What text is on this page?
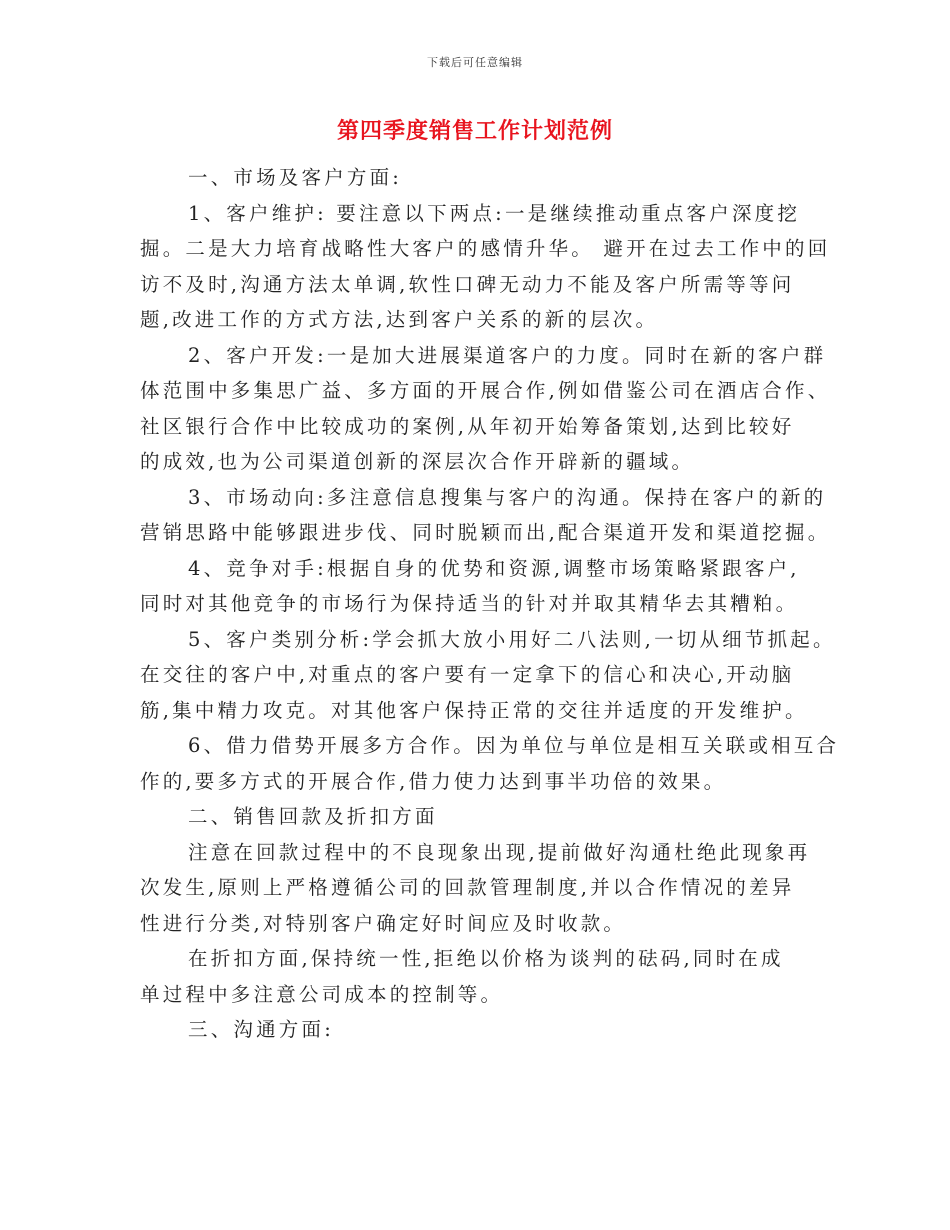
下载后可任意编辑
第四季度销售工作计划范例
一、市场及客户方面:
1、客户维护: 要注意以下两点:一是继续推动重点客户深度挖
掘。二是大力培育战略性大客户的感情升华。 避开在过去工作中的回
访不及时,沟通方法太单调,软性口碑无动力不能及客户所需等等问
题,改进工作的方式方法,达到客户关系的新的层次。
2、客户开发:一是加大进展渠道客户的力度。同时在新的客户群
体范围中多集思广益、多方面的开展合作,例如借鉴公司在酒店合作、
社区银行合作中比较成功的案例,从年初开始筹备策划,达到比较好
的成效,也为公司渠道创新的深层次合作开辟新的疆域。
3、市场动向:多注意信息搜集与客户的沟通。保持在客户的新的
营销思路中能够跟进步伐、同时脱颖而出,配合渠道开发和渠道挖掘。
4、竞争对手:根据自身的优势和资源,调整市场策略紧跟客户,
同时对其他竞争的市场行为保持适当的针对并取其精华去其糟粕。
5、客户类别分析:学会抓大放小用好二八法则,一切从细节抓起。
在交往的客户中,对重点的客户要有一定拿下的信心和决心,开动脑
筋,集中精力攻克。对其他客户保持正常的交往并适度的开发维护。
6、借力借势开展多方合作。因为单位与单位是相互关联或相互合
作的,要多方式的开展合作,借力使力达到事半功倍的效果。
二、销售回款及折扣方面
注意在回款过程中的不良现象出现,提前做好沟通杜绝此现象再
次发生,原则上严格遵循公司的回款管理制度,并以合作情况的差异
性进行分类,对特别客户确定好时间应及时收款。
在折扣方面,保持统一性,拒绝以价格为谈判的砝码,同时在成
单过程中多注意公司成本的控制等。
三、沟通方面:
